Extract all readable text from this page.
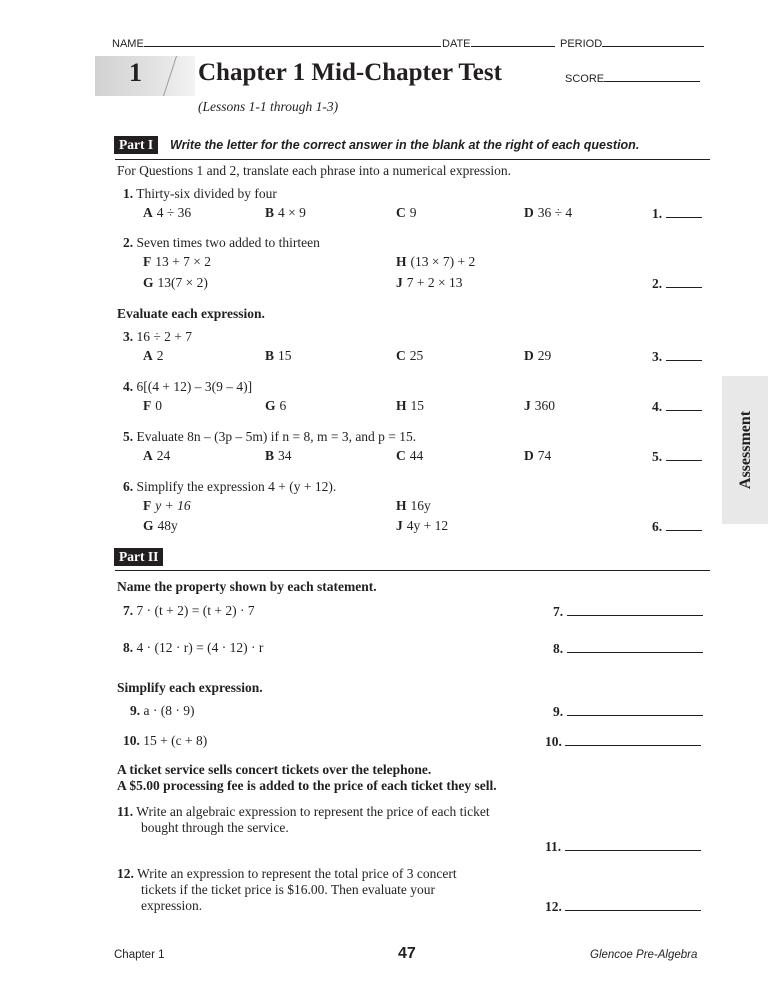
NAME	DATE	PERIOD
1 Chapter 1 Mid-Chapter Test	SCORE
(Lessons 1-1 through 1-3)
Part I	Write the letter for the correct answer in the blank at the right of each question.
For Questions 1 and 2, translate each phrase into a numerical expression.
1. Thirty-six divided by four
A 4 ÷ 36	B 4 × 9	C 9	D 36 ÷ 4	1.
2. Seven times two added to thirteen
F 13 + 7 × 2
G 13(7 × 2)
H (13 × 7) + 2
J 7 + 2 × 13	2.
Evaluate each expression.
3. 16 ÷ 2 + 7
A 2	B 15	C 25	D 29	3.
4. 6[(4 + 12) – 3(9 – 4)]
F 0	G 6	H 15	J 360	4.
5. Evaluate 8n – (3p – 5m) if n = 8, m = 3, and p = 15.
A 24	B 34	C 44	D 74	5.
6. Simplify the expression 4 + (y + 12).
F y + 16
G 48y
H 16y
J 4y + 12	6.
Assessment
Part II
Name the property shown by each statement.
7. 7 · (t + 2) = (t + 2) · 7	7.
8. 4 · (12 · r) = (4 · 12) · r	8.
Simplify each expression.
9. a · (8 · 9)	9.
10. 15 + (c + 8)	10.
A ticket service sells concert tickets over the telephone.
A $5.00 processing fee is added to the price of each ticket they sell.
11. Write an algebraic expression to represent the price of each ticket
bought through the service.
11.
12. Write an expression to represent the total price of 3 concert
tickets if the ticket price is $16.00. Then evaluate your
expression.	12.
Chapter 1	47	Glencoe Pre-Algebra
